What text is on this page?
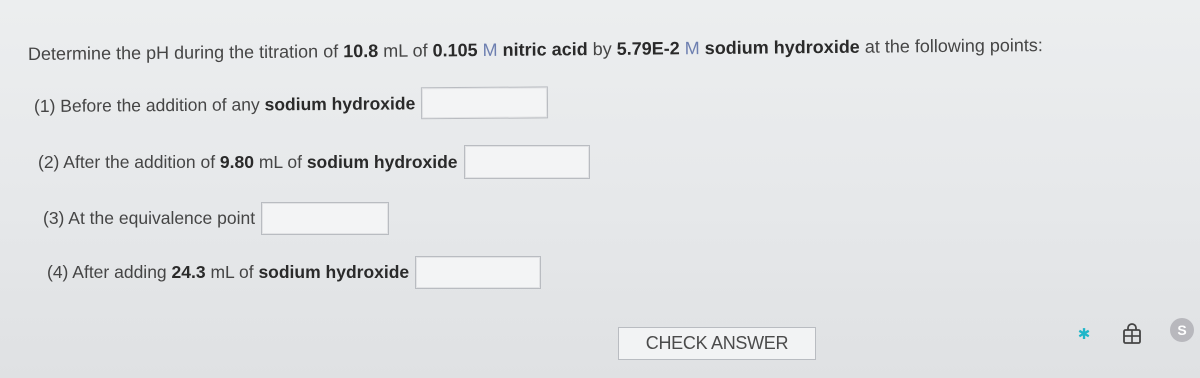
Determine the pH during the titration of 10.8 mL of 0.105 M nitric acid by 5.79E-2 M sodium hydroxide at the following points:
(1) Before the addition of any sodium hydroxide
(2) After the addition of 9.80 mL of sodium hydroxide
(3) At the equivalence point
(4) After adding 24.3 mL of sodium hydroxide
CHECK ANSWER	✱	S
